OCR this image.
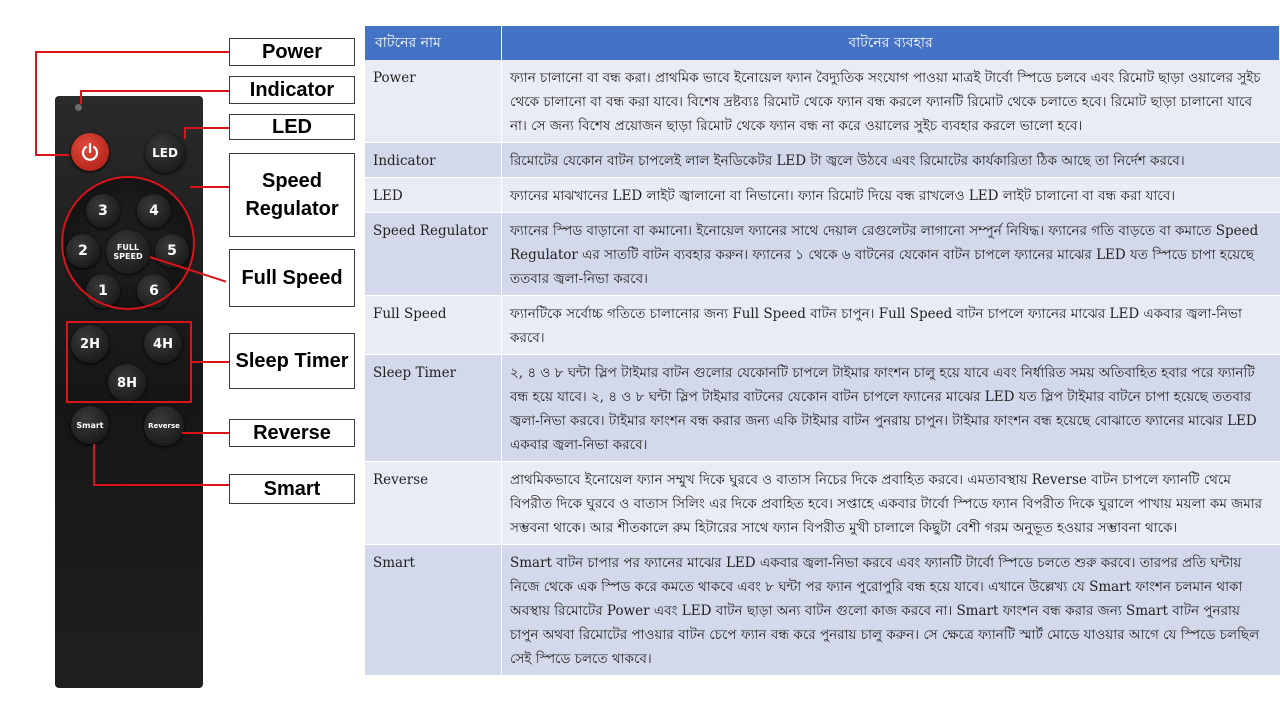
LED
3	4
2	5
1	6
FULL
SPEED
2H	4H
8H
Smart	Reverse
Power
Indicator
LED
Speed Regulator
Full Speed
Sleep Timer
Reverse
Smart
বাটনের নাম	বাটনের ব্যবহার
Power	ফ্যান চালানো বা বন্ধ করা। প্রাথমিক ভাবে ইনোয়েল ফ্যান বৈদ্যুতিক সংযোগ পাওয়া মাত্রই টার্বো স্পিডে চলবে এবং রিমোট ছাড়া ওয়ালের সুইচ থেকে চালানো বা বন্ধ করা যাবে। বিশেষ দ্রষ্টব্যঃ রিমোট থেকে ফ্যান বন্ধ করলে ফ্যানটি রিমোট থেকে চলাতে হবে। রিমোট ছাড়া চালানো যাবে না। সে জন্য বিশেষ প্রয়োজন ছাড়া রিমোট থেকে ফ্যান বন্ধ না করে ওয়ালের সুইচ ব্যবহার করলে ভালো হবে।
Indicator	রিমোটের যেকোন বাটন চাপলেই লাল ইনডিকেটর LED টা জ্বলে উঠবে এবং রিমোটের কার্যকারিতা ঠিক আছে তা নির্দেশ করবে।
LED	ফ্যানের মাঝখানের LED লাইট জ্বালানো বা নিভানো। ফ্যান রিমোট দিয়ে বন্ধ রাখলেও LED লাইট চালানো বা বন্ধ করা যাবে।
Speed Regulator	ফ্যানের স্পিড বাড়ানো বা কমানো। ইনোয়েল ফ্যানের সাথে দেয়াল রেগুলেটর লাগানো সম্পুর্ন নিষিদ্ধ। ফ্যানের গতি বাড়তে বা কমাতে Speed Regulator এর সাতটি বাটন ব্যবহার করুন। ফ্যানের ১ থেকে ৬ বাটনের যেকোন বাটন চাপলে ফ্যানের মাঝের LED যত স্পিডে চাপা হয়েছে ততবার জ্বলা-নিভা করবে।
Full Speed	ফ্যানটিকে সর্বোচ্চ গতিতে চালানোর জন্য Full Speed বাটন চাপুন। Full Speed বাটন চাপলে ফ্যানের মাঝের LED একবার জ্বলা-নিভা করবে।
Sleep Timer	২, ৪ ও ৮ ঘন্টা স্লিপ টাইমার বাটন গুলোর যেকোনটি চাপলে টাইমার ফাংশন চালু হয়ে যাবে এবং নির্ধারিত সময় অতিবাহিত হবার পরে ফ্যানটি বন্ধ হয়ে যাবে। ২, ৪ ও ৮ ঘন্টা স্লিপ টাইমার বাটনের যেকোন বাটন চাপলে ফ্যানের মাঝের LED যত স্লিপ টাইমার বাটনে চাপা হয়েছে ততবার জ্বলা-নিভা করবে। টাইমার ফাংশন বন্ধ করার জন্য একি টাইমার বাটন পুনরায় চাপুন। টাইমার ফাংশন বন্ধ হয়েছে বোঝাতে ফ্যানের মাঝের LED একবার জ্বলা-নিভা করবে।
Reverse	প্রাথমিকভাবে ইনোয়েল ফ্যান সম্মুখ দিকে ঘুরবে ও বাতাস নিচের দিকে প্রবাহিত করবে। এমতাবস্থায় Reverse বাটন চাপলে ফ্যানটি থেমে বিপরীত দিকে ঘুরবে ও বাতাস সিলিং এর দিকে প্রবাহিত হবে। সপ্তাহে একবার টার্বো স্পিডে ফ্যান বিপরীত দিকে ঘুরালে পাখায় ময়লা কম জমার সম্ভবনা থাকে। আর শীতকালে রুম হিটারের সাথে ফ্যান বিপরীত মুখী চালালে কিছুটা বেশী গরম অনুভূত হওয়ার সম্ভাবনা থাকে।
Smart	Smart বাটন চাপার পর ফ্যানের মাঝের LED একবার জ্বলা-নিভা করবে এবং ফ্যানটি টার্বো স্পিডে চলতে শুরু করবে। তারপর প্রতি ঘন্টায় নিজে থেকে এক স্পিড করে কমতে থাকবে এবং ৮ ঘন্টা পর ফ্যান পুরোপুরি বন্ধ হয়ে যাবে। এখানে উল্লেখ্য যে Smart ফাংশন চলমান থাকা অবস্থায় রিমোটের Power এবং LED বাটন ছাড়া অন্য বাটন গুলো কাজ করবে না। Smart ফাংশন বন্ধ করার জন্য Smart বাটন পুনরায় চাপুন অথবা রিমোটের পাওয়ার বাটন চেপে ফ্যান বন্ধ করে পুনরায় চালু করুন। সে ক্ষেত্রে ফ্যানটি স্মার্ট মোডে যাওয়ার আগে যে স্পিডে চলছিল সেই স্পিডে চলতে থাকবে।
